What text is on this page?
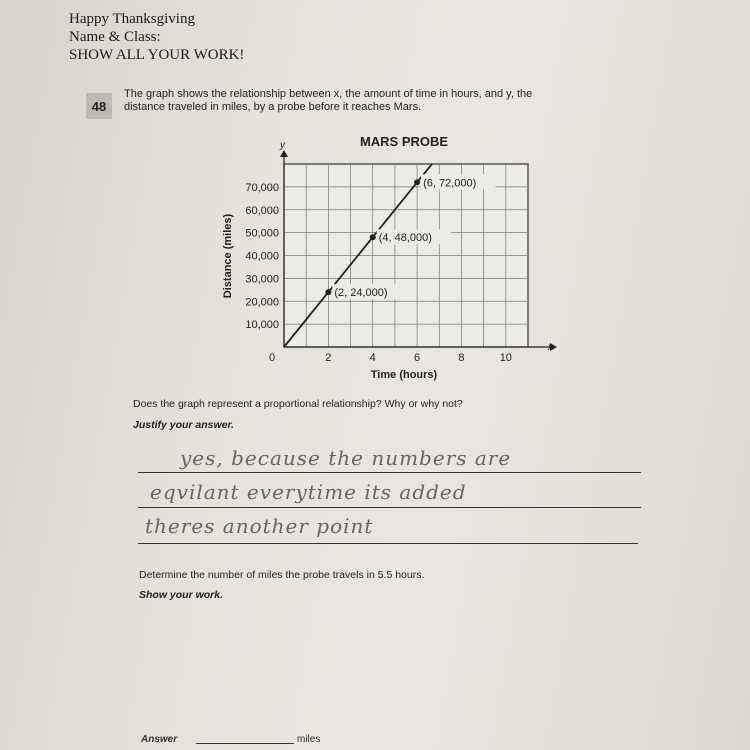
Happy Thanksgiving
Name & Class:
SHOW ALL YOUR WORK!
48
The graph shows the relationship between x, the amount of time in hours, and y, the
distance traveled in miles, by a probe before it reaches Mars.
x
y	MARS PROBE
0	2	4	6	8	10
10,000
20,000
30,000
40,000
50,000
60,000
70,000
Time (hours)
Distance (miles)	(2, 24,000)
(4, 48,000)
(6, 72,000)
Does the graph represent a proportional relationship? Why or why not?
Justify your answer.
yes, because the numbers are
eqvilant everytime its added
theres another point
Determine the number of miles the probe travels in 5.5 hours.
Show your work.
Answer	miles
